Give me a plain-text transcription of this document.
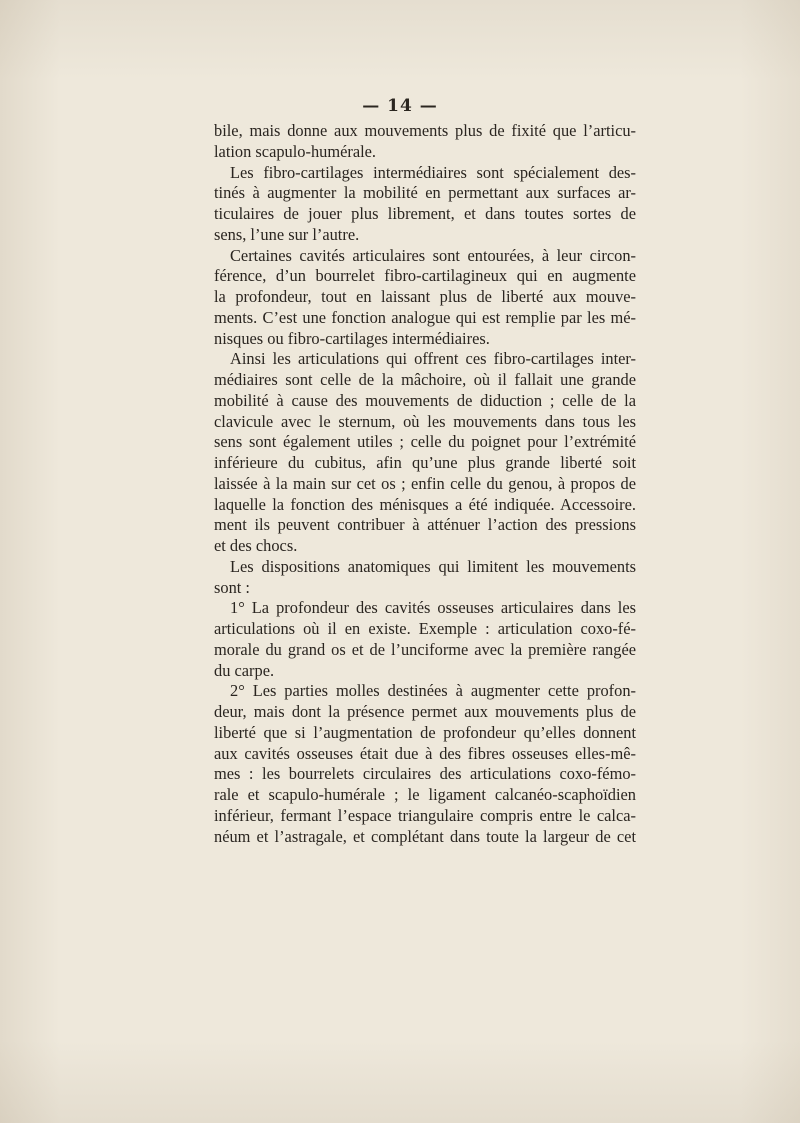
— 14 —
bile, mais donne aux mouvements plus de fixité que l’articu-
lation scapulo-humérale.
Les fibro-cartilages intermédiaires sont spécialement des-
tinés à augmenter la mobilité en permettant aux surfaces ar-
ticulaires de jouer plus librement, et dans toutes sortes de
sens, l’une sur l’autre.
Certaines cavités articulaires sont entourées, à leur circon-
férence, d’un bourrelet fibro-cartilagineux qui en augmente
la profondeur, tout en laissant plus de liberté aux mouve-
ments. C’est une fonction analogue qui est remplie par les mé-
nisques ou fibro-cartilages intermédiaires.
Ainsi les articulations qui offrent ces fibro-cartilages inter-
médiaires sont celle de la mâchoire, où il fallait une grande
mobilité à cause des mouvements de diduction ; celle de la
clavicule avec le sternum, où les mouvements dans tous les
sens sont également utiles ; celle du poignet pour l’extrémité
inférieure du cubitus, afin qu’une plus grande liberté soit
laissée à la main sur cet os ; enfin celle du genou, à propos de
laquelle la fonction des ménisques a été indiquée. Accessoire.
ment ils peuvent contribuer à atténuer l’action des pressions
et des chocs.
Les dispositions anatomiques qui limitent les mouvements
sont :
1° La profondeur des cavités osseuses articulaires dans les
articulations où il en existe. Exemple : articulation coxo-fé-
morale du grand os et de l’unciforme avec la première rangée
du carpe.
2° Les parties molles destinées à augmenter cette profon-
deur, mais dont la présence permet aux mouvements plus de
liberté que si l’augmentation de profondeur qu’elles donnent
aux cavités osseuses était due à des fibres osseuses elles-mê-
mes : les bourrelets circulaires des articulations coxo-fémo-
rale et scapulo-humérale ; le ligament calcanéo-scaphoïdien
inférieur, fermant l’espace triangulaire compris entre le calca-
néum et l’astragale, et complétant dans toute la largeur de cet
